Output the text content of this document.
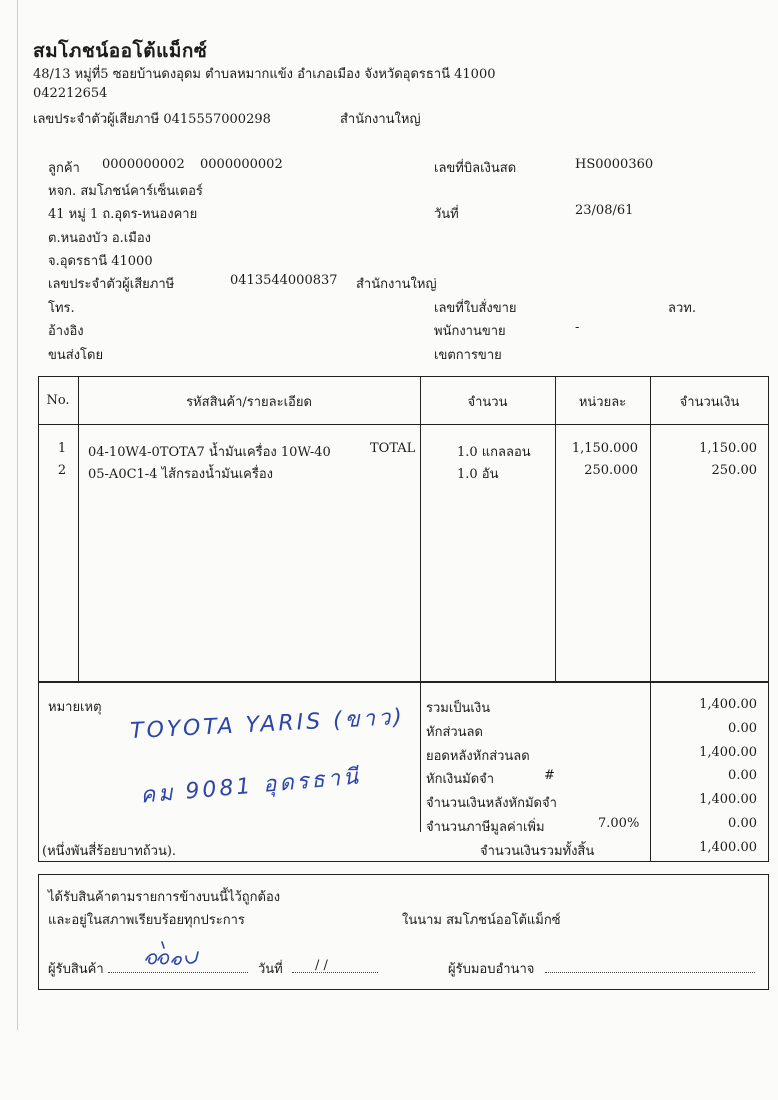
สมโภชน์ออโต้แม็กซ์
48/13 หมู่ที่5 ซอยบ้านดงอุดม ตำบลหมากแข้ง อำเภอเมือง จังหวัดอุดรธานี 41000
042212654
เลขประจำตัวผู้เสียภาษี 0415557000298	สำนักงานใหญ่
ลูกค้า 0000000002 0000000002
หจก. สมโภชน์คาร์เซ็นเตอร์
41 หมู่ 1 ถ.อุดร-หนองคาย
ต.หนองบัว อ.เมือง
จ.อุดรธานี 41000
เลขประจำตัวผู้เสียภาษี	0413544000837 สำนักงานใหญ่
โทร.
อ้างอิง
ขนส่งโดย
เลขที่บิลเงินสด	HS0000360
วันที่	23/08/61
เลขที่ใบสั่งขาย	ลวท.
พนักงานขาย	-
เขตการขาย
No.	รหัสสินค้า/รายละเอียด	จำนวน	หน่วยละ	จำนวนเงิน
1	04-10W4-0TOTA7 น้ำมันเครื่อง 10W-40	TOTAL	1.0 แกลลอน	1,150.000	1,150.00
2	05-A0C1-4 ไส้กรองน้ำมันเครื่อง	1.0 อัน	250.000	250.00
หมายเหตุ TOYOTA YARIS (ขาว)
คม 9081 อุดรธานี
(หนึ่งพันสี่ร้อยบาทถ้วน).
รวมเป็นเงิน	1,400.00
หักส่วนลด	0.00
ยอดหลังหักส่วนลด	1,400.00
หักเงินมัดจำ	#	0.00
จำนวนเงินหลังหักมัดจำ	1,400.00
จำนวนภาษีมูลค่าเพิ่ม	7.00%	0.00
จำนวนเงินรวมทั้งสิ้น	1,400.00
ได้รับสินค้าตามรายการข้างบนนี้ไว้ถูกต้อง
และอยู่ในสภาพเรียบร้อยทุกประการ	ในนาม สมโภชน์ออโต้แม็กซ์
ผู้รับสินค้า	วันที่ / /	ผู้รับมอบอำนาจ
